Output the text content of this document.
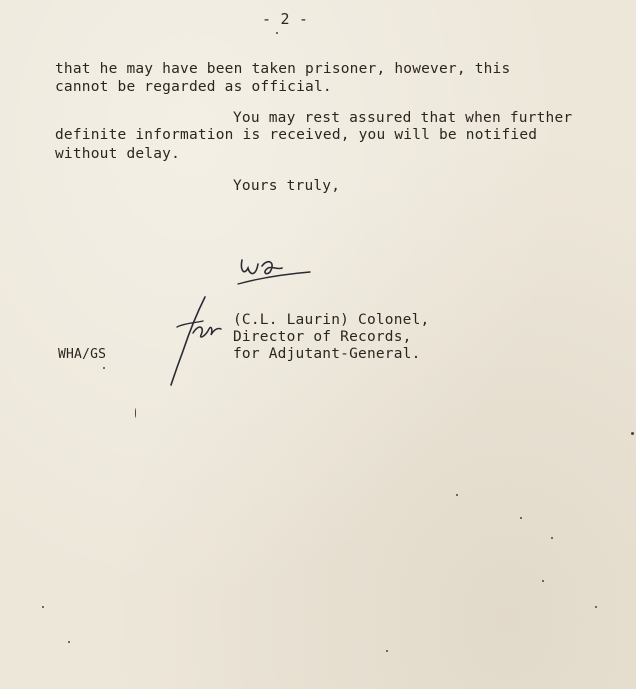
- 2 -
that he may have been taken prisoner, however, this
cannot be regarded as official.
You may rest assured that when further
definite information is received, you will be notified
without delay.
Yours truly,
(C.L. Laurin) Colonel,
Director of Records,
for Adjutant-General.
WHA/GS
